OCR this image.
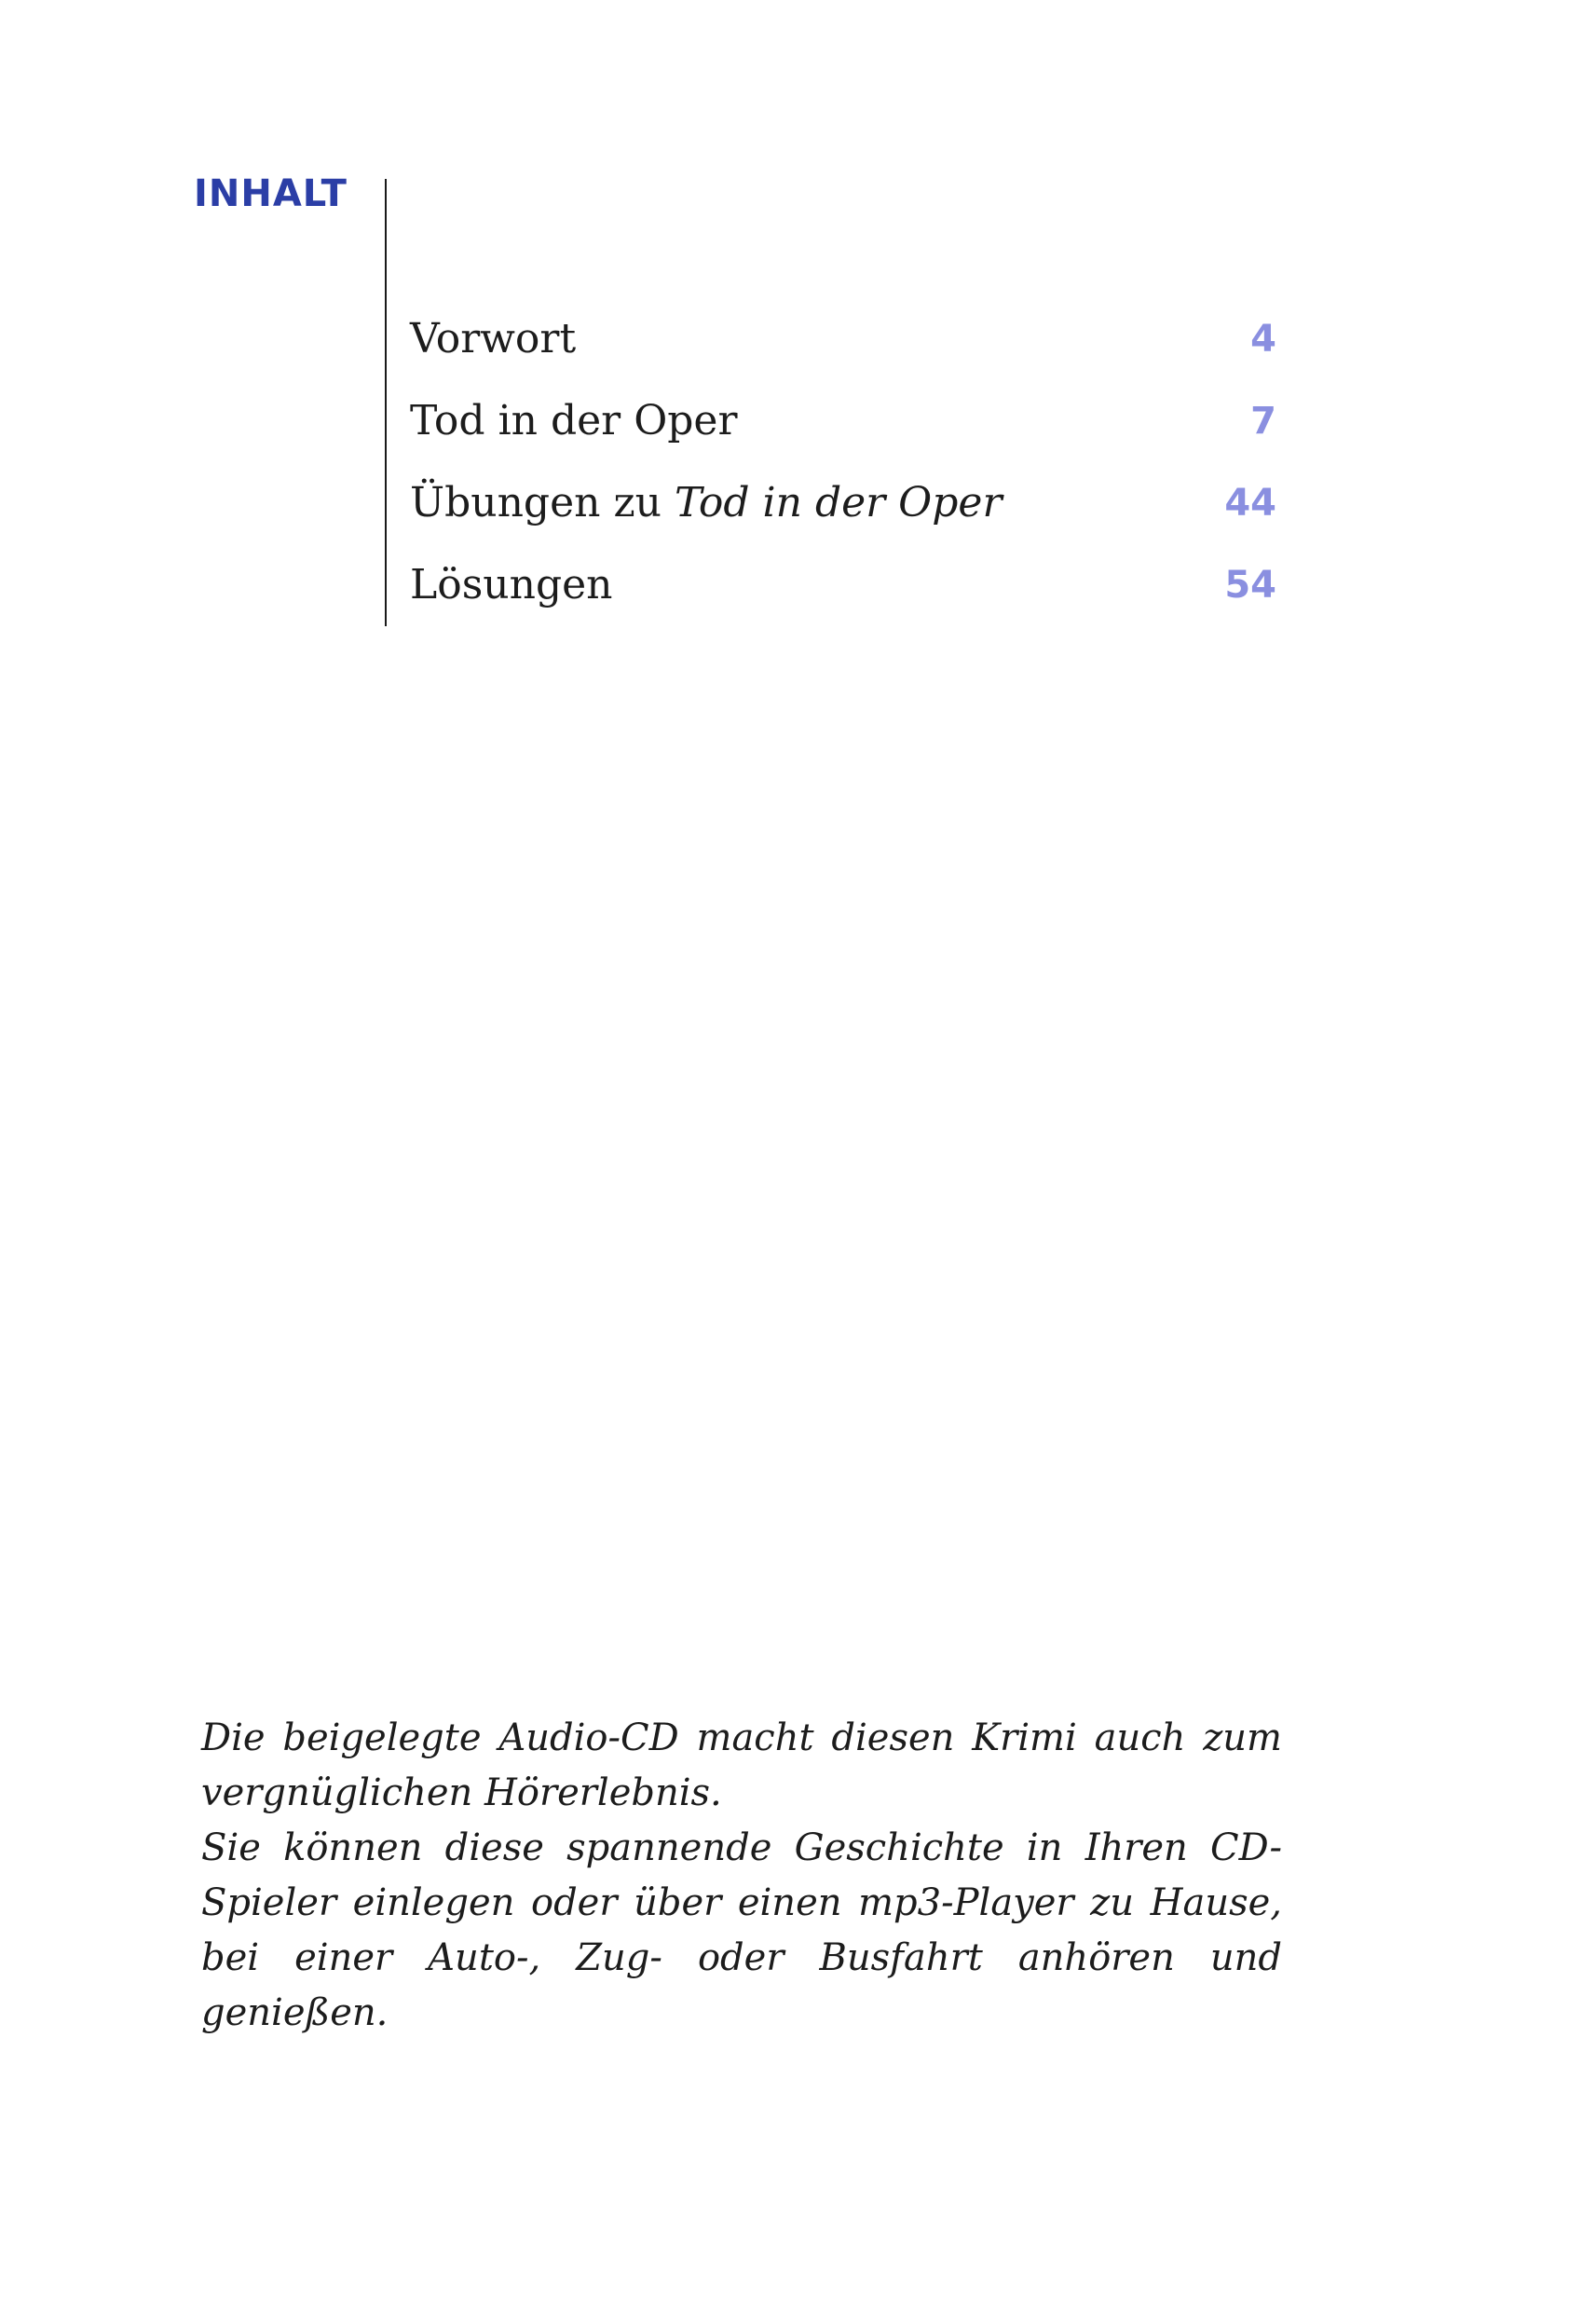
INHALT
Vorwort	4
Tod in der Oper	7
Übungen zu Tod in der Oper	44
Lösungen	54

Die beigelegte Audio-CD macht diesen Krimi auch zum vergnüglichen Hörerlebnis.

Sie können diese spannende Geschichte in Ihren CD-Spieler einlegen oder über einen mp3-Player zu Hause, bei einer Auto-, Zug- oder Busfahrt anhören und genießen.
